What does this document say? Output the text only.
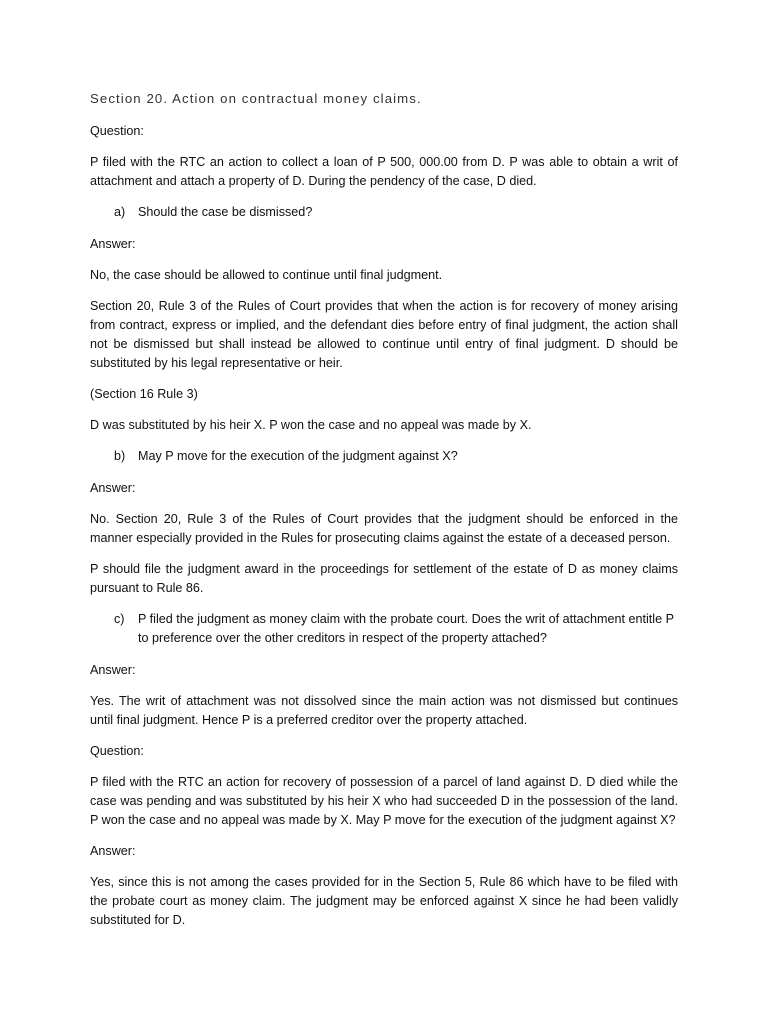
Section 20. Action on contractual money claims.

Question:

P filed with the RTC an action to collect a loan of P 500, 000.00 from D. P was able to obtain a writ of attachment and attach a property of D. During the pendency of the case, D died.

a)	Should the case be dismissed?

Answer:

No, the case should be allowed to continue until final judgment.

Section 20, Rule 3 of the Rules of Court provides that when the action is for recovery of money arising from contract, express or implied, and the defendant dies before entry of final judgment, the action shall not be dismissed but shall instead be allowed to continue until entry of final judgment. D should be substituted by his legal representative or heir.

(Section 16 Rule 3)

D was substituted by his heir X. P won the case and no appeal was made by X.

b)	May P move for the execution of the judgment against X?

Answer:

No. Section 20, Rule 3 of the Rules of Court provides that the judgment should be enforced in the manner especially provided in the Rules for prosecuting claims against the estate of a deceased person.

P should file the judgment award in the proceedings for settlement of the estate of D as money claims pursuant to Rule 86.

c)	P filed the judgment as money claim with the probate court. Does the writ of attachment entitle P to preference over the other creditors in respect of the property attached?

Answer:

Yes. The writ of attachment was not dissolved since the main action was not dismissed but continues until final judgment. Hence P is a preferred creditor over the property attached.

Question:

P filed with the RTC an action for recovery of possession of a parcel of land against D. D died while the case was pending and was substituted by his heir X who had succeeded D in the possession of the land. P won the case and no appeal was made by X. May P move for the execution of the judgment against X?

Answer:

Yes, since this is not among the cases provided for in the Section 5, Rule 86 which have to be filed with the probate court as money claim. The judgment may be enforced against X since he had been validly substituted for D.
